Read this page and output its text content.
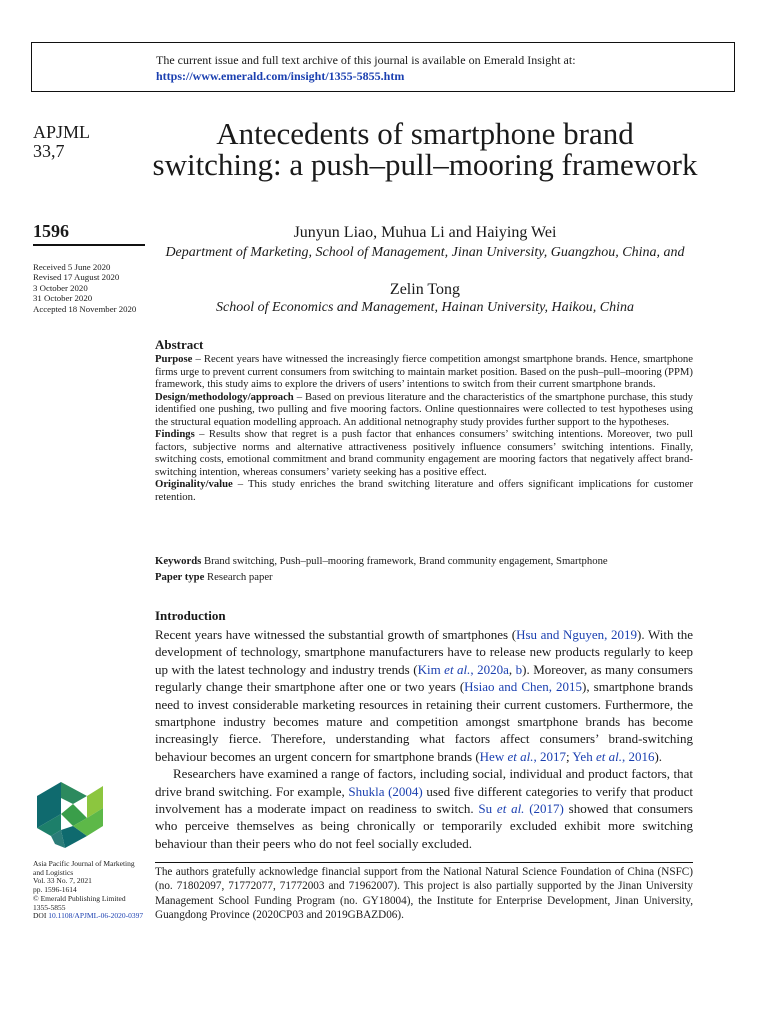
The current issue and full text archive of this journal is available on Emerald Insight at:
https://www.emerald.com/insight/1355-5855.htm
APJML
33,7
1596
Received 5 June 2020
Revised 17 August 2020
3 October 2020
31 October 2020
Accepted 18 November 2020
Antecedents of smartphone brand switching: a push–pull–mooring framework
Junyun Liao, Muhua Li and Haiying Wei
Department of Marketing, School of Management, Jinan University, Guangzhou, China, and
Zelin Tong
School of Economics and Management, Hainan University, Haikou, China
Abstract

Purpose – Recent years have witnessed the increasingly fierce competition amongst smartphone brands. Hence, smartphone firms urge to prevent current consumers from switching to maintain market position. Based on the push–pull–mooring (PPM) framework, this study aims to explore the drivers of users’ intentions to switch from their current smartphone brands.

Design/methodology/approach – Based on previous literature and the characteristics of the smartphone purchase, this study identified one pushing, two pulling and five mooring factors. Online questionnaires were collected to test hypotheses using the structural equation modelling approach. An additional netnography study provides further support to the hypotheses.

Findings – Results show that regret is a push factor that enhances consumers’ switching intentions. Moreover, two pull factors, subjective norms and alternative attractiveness positively influence consumers’ switching intentions. Finally, switching costs, emotional commitment and brand community engagement are mooring factors that negatively affect brand-switching intention, whereas consumers’ variety seeking has a positive effect.

Originality/value – This study enriches the brand switching literature and offers significant implications for customer retention.

Keywords Brand switching, Push–pull–mooring framework, Brand community engagement, Smartphone

Paper type Research paper

Introduction

Recent years have witnessed the substantial growth of smartphones (Hsu and Nguyen, 2019). With the development of technology, smartphone manufacturers have to release new products regularly to keep up with the latest technology and industry trends (Kim et al., 2020a, b). Moreover, as many consumers regularly change their smartphone after one or two years (Hsiao and Chen, 2015), smartphone brands need to invest considerable marketing resources in retaining their current customers. Furthermore, the smartphone industry becomes mature and competition amongst smartphone brands has become increasingly fierce. Therefore, understanding what factors affect consumers’ brand-switching behaviour becomes an urgent concern for smartphone brands (Hew et al., 2017; Yeh et al., 2016).

Researchers have examined a range of factors, including social, individual and product factors, that drive brand switching. For example, Shukla (2004) used five different categories to verify that product involvement has a moderate impact on readiness to switch. Su et al. (2017) showed that consumers who perceive themselves as being chronically or temporarily excluded exhibit more switching behaviour than their peers who do not feel socially excluded.

The authors gratefully acknowledge financial support from the National Natural Science Foundation of China (NSFC) (no. 71802097, 71772077, 71772003 and 71962007). This project is also partially supported by the Jinan University Management School Funding Program (no. GY18004), the Institute for Enterprise Development, Jinan University, Guangdong Province (2020CP03 and 2019GBAZD06).
Asia Pacific Journal of Marketing
and Logistics
Vol. 33 No. 7, 2021
pp. 1596-1614
© Emerald Publishing Limited
1355-5855
DOI 10.1108/APJML-06-2020-0397
